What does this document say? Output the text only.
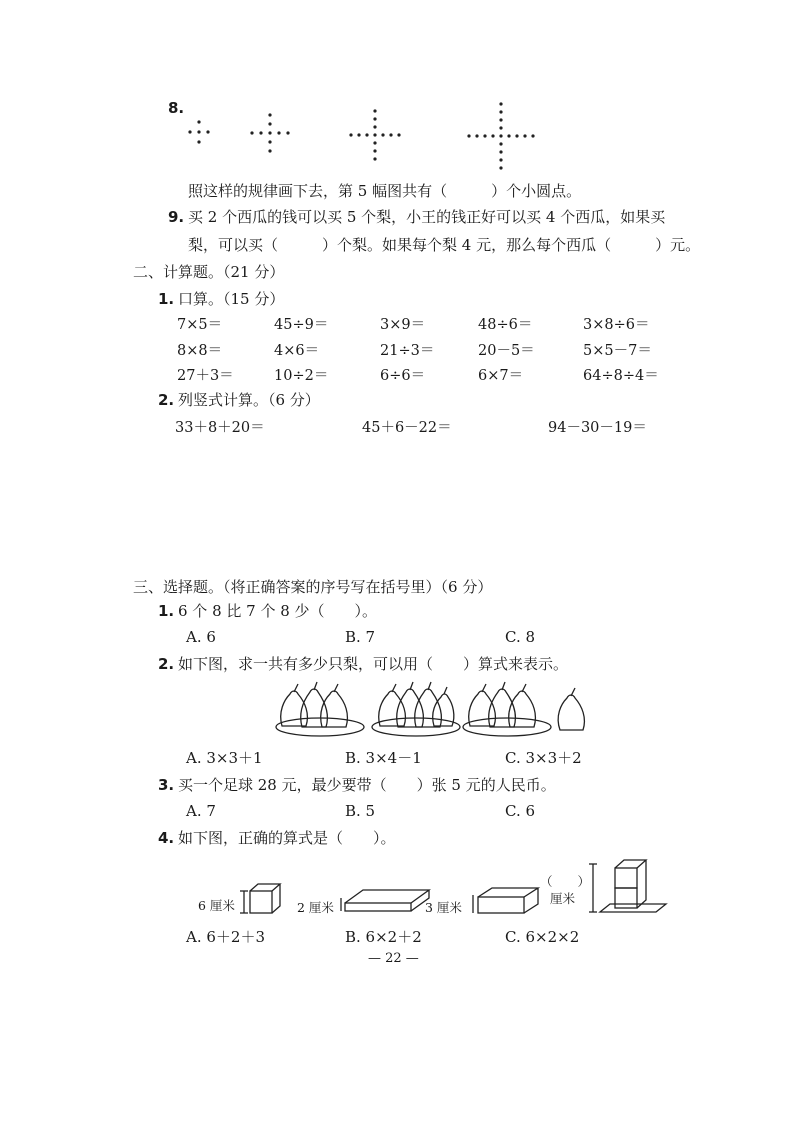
8.
照这样的规律画下去，第 5 幅图共有（	）个小圆点。
9. 买 2 个西瓜的钱可以买 5 个梨，小王的钱正好可以买 4 个西瓜，如果买
梨，可以买（	）个梨。如果每个梨 4 元，那么每个西瓜（	）元。
二、计算题。（21 分）
1. 口算。（15 分）
7×5＝	45÷9＝	3×9＝	48÷6＝	3×8÷6＝
8×8＝	4×6＝	21÷3＝	20－5＝	5×5－7＝
27＋3＝	10÷2＝	6÷6＝	6×7＝	64÷8÷4＝
2. 列竖式计算。（6 分）
33＋8＋20＝	45＋6－22＝	94－30－19＝
三、选择题。（将正确答案的序号写在括号里）（6 分）
1. 6 个 8 比 7 个 8 少（　　）。
A. 6	B. 7	C. 8
2. 如下图，求一共有多少只梨，可以用（　　）算式来表示。
A. 3×3＋1	B. 3×4－1	C. 3×3＋2
3. 买一个足球 28 元，最少要带（　　）张 5 元的人民币。
A. 7	B. 5	C. 6
4. 如下图，正确的算式是（　　）。
6 厘米	2 厘米	3 厘米
（　　）
厘米
A. 6＋2＋3	B. 6×2＋2	C. 6×2×2
— 22 —
